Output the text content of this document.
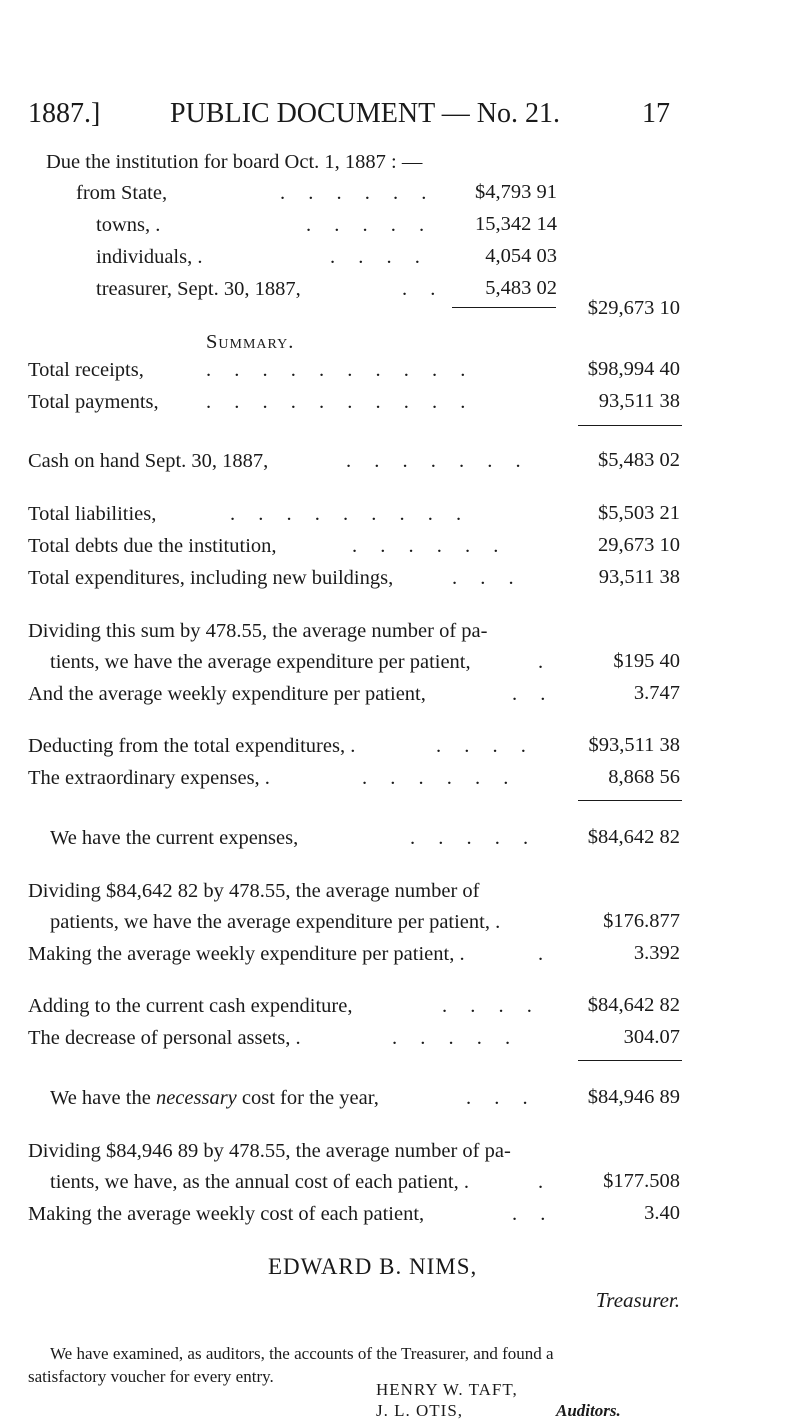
1887.] PUBLIC DOCUMENT — No. 21.	17
Due the institution for board Oct. 1, 1887 : —
from State,	. . . . . . $4,793 91
towns, .	. . . . . 15,342 14
individuals, .	. . . .	4,054 03
treasurer, Sept. 30, 1887,	. . 5,483 02
$29,673 10
Summary.
Total receipts,	. . . . . . . . . .	$98,994 40
Total payments, . . . . . . . . . .	93,511 38
Cash on hand Sept. 30, 1887,	. . . . . . .	$5,483 02
Total liabilities,	. . . . . . . . .	$5,503 21
Total debts due the institution,	. . . . . .	29,673 10
Total expenditures, including new buildings,	. . .	93,511 38
Dividing this sum by 478.55, the average number of pa-
tients, we have the average expenditure per patient,	.	$195 40
And the average weekly expenditure per patient,	. .	3.747
Deducting from the total expenditures, .	. . . .	$93,511 38
The extraordinary expenses, .	. . . . . .	8,868 56
We have the current expenses,	. . . . . $84,642 82
Dividing $84,642 82 by 478.55, the average number of
patients, we have the average expenditure per patient, .	$176.877
Making the average weekly expenditure per patient, .	.	3.392
Adding to the current cash expenditure,	. . . . $84,642 82
The decrease of personal assets, .	. . . . .	304.07
We have the necessary cost for the year,	. . . $84,946 89
Dividing $84,946 89 by 478.55, the average number of pa-
tients, we have, as the annual cost of each patient, .	.	$177.508
Making the average weekly cost of each patient,	. .	3.40
EDWARD B. NIMS,
Treasurer.
We have examined, as auditors, the accounts of the Treasurer, and found a
satisfactory voucher for every entry.
HENRY W. TAFT,
J. L. OTIS,	Auditors.
